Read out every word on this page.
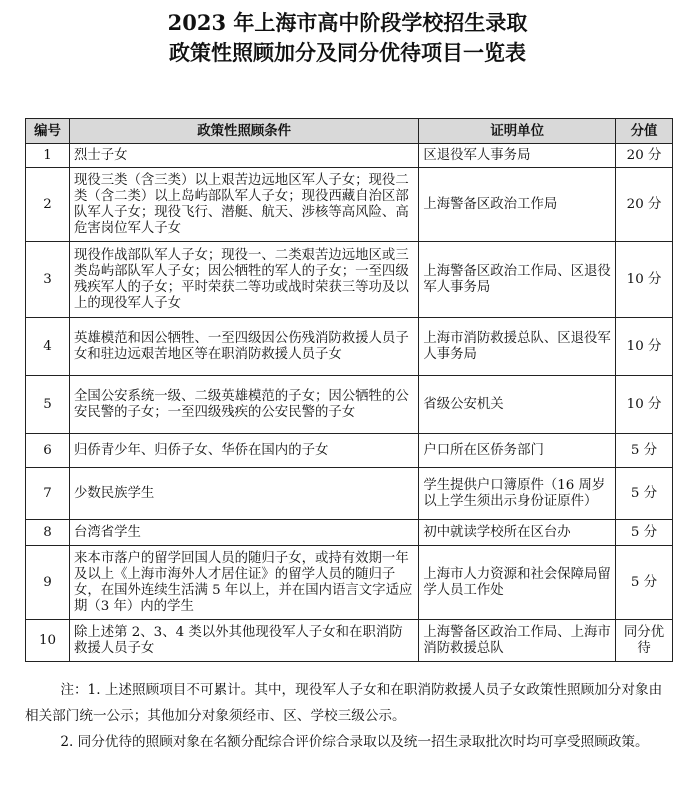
2023 年上海市高中阶段学校招生录取
政策性照顾加分及同分优待项目一览表
编号	政策性照顾条件	证明单位	分值
1	烈士子女	区退役军人事务局	20 分
2	现役三类（含三类）以上艰苦边远地区军人子女；现役二类（含二类）以上岛屿部队军人子女；现役西藏自治区部队军人子女；现役飞行、潜艇、航天、涉核等高风险、高危害岗位军人子女	上海警备区政治工作局	20 分
3	现役作战部队军人子女；现役一、二类艰苦边远地区或三类岛屿部队军人子女；因公牺牲的军人的子女；一至四级残疾军人的子女；平时荣获二等功或战时荣获三等功及以上的现役军人子女	上海警备区政治工作局、区退役军人事务局	10 分
4	英雄模范和因公牺牲、一至四级因公伤残消防救援人员子女和驻边远艰苦地区等在职消防救援人员子女	上海市消防救援总队、区退役军人事务局	10 分
5	全国公安系统一级、二级英雄模范的子女；因公牺牲的公安民警的子女；一至四级残疾的公安民警的子女	省级公安机关	10 分
6	归侨青少年、归侨子女、华侨在国内的子女	户口所在区侨务部门	5 分
7	少数民族学生	学生提供户口簿原件（16 周岁以上学生须出示身份证原件）	5 分
8	台湾省学生	初中就读学校所在区台办	5 分
9	来本市落户的留学回国人员的随归子女，或持有效期一年及以上《上海市海外人才居住证》的留学人员的随归子女，在国外连续生活满 5 年以上，并在国内语言文字适应期（3 年）内的学生	上海市人力资源和社会保障局留学人员工作处	5 分
10	除上述第 2、3、4 类以外其他现役军人子女和在职消防救援人员子女	上海警备区政治工作局、上海市消防救援总队	同分优待

注：1. 上述照顾项目不可累计。其中，现役军人子女和在职消防救援人员子女政策性照顾加分对象由相关部门统一公示；其他加分对象须经市、区、学校三级公示。

2. 同分优待的照顾对象在名额分配综合评价综合录取以及统一招生录取批次时均可享受照顾政策。
